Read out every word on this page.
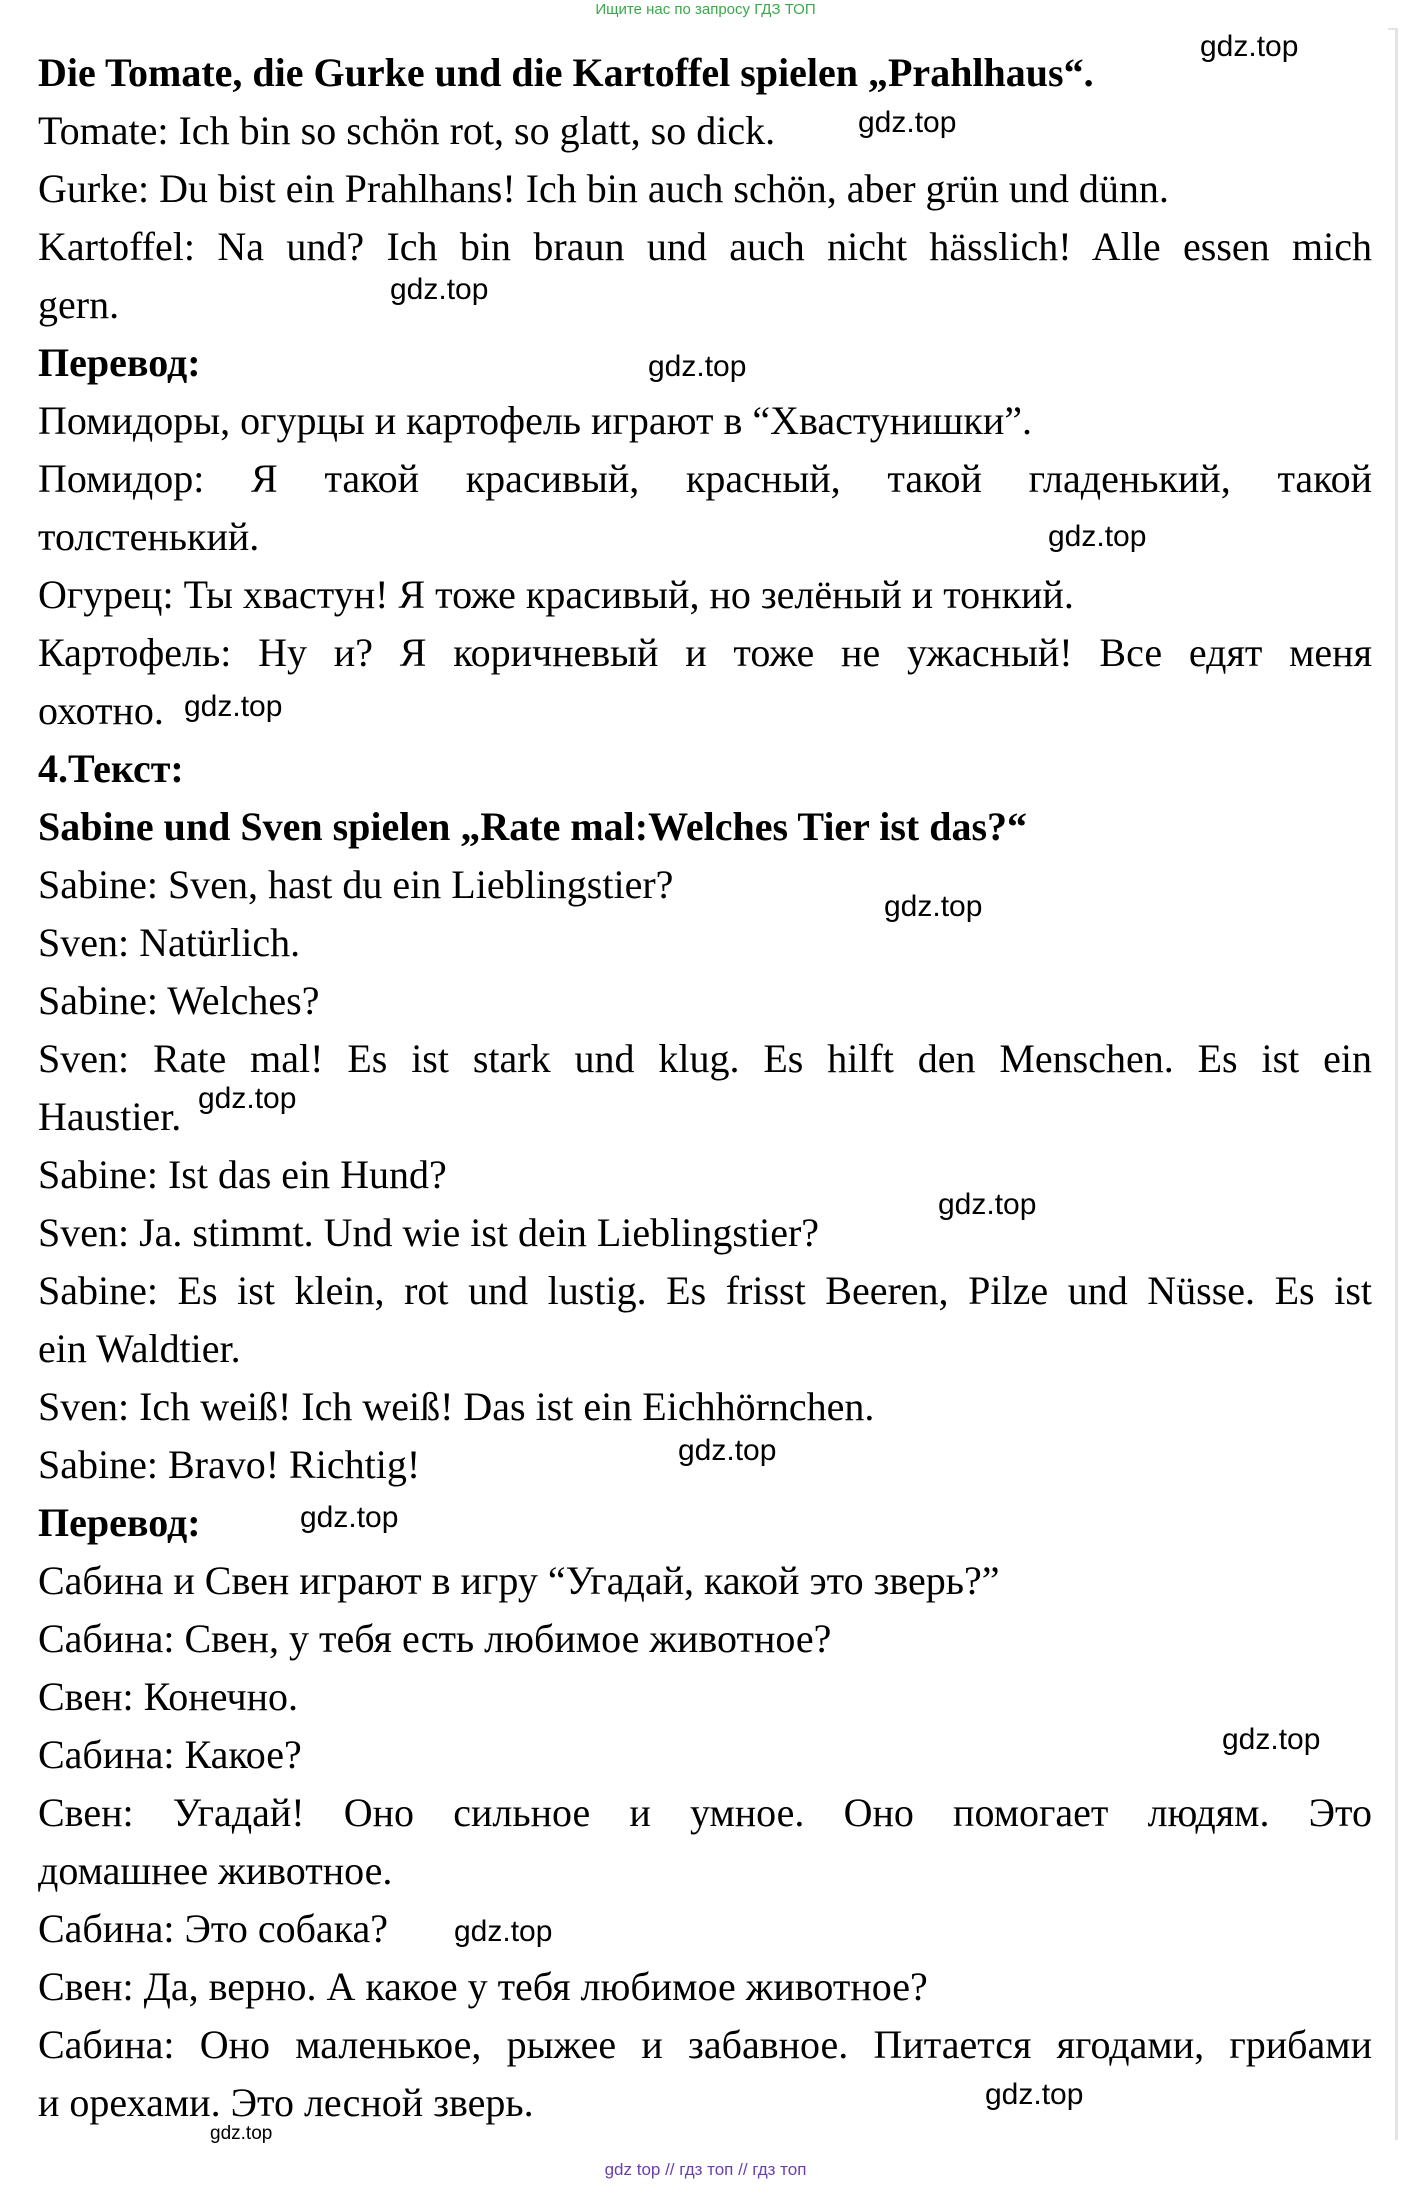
Ищите нас по запросу ГДЗ ТОП
Die Tomate, die Gurke und die Kartoffel spielen „Prahlhaus“.
Tomate: Ich bin so schön rot, so glatt, so dick.
Gurke: Du bist ein Prahlhans! Ich bin auch schön, aber grün und dünn.
Kartoffel: Na und? Ich bin braun und auch nicht hässlich! Alle essen mich
gern.
Перевод:
Помидоры, огурцы и картофель играют в “Хвастунишки”.
Помидор: Я такой красивый, красный, такой гладенький, такой
толстенький.
Огурец: Ты хвастун! Я тоже красивый, но зелёный и тонкий.
Картофель: Ну и? Я коричневый и тоже не ужасный! Все едят меня
охотно.
4.Текст:
Sabine und Sven spielen „Rate mal:Welches Tier ist das?“
Sabine: Sven, hast du ein Lieblingstier?
Sven: Natürlich.
Sabine: Welches?
Sven: Rate mal! Es ist stark und klug. Es hilft den Menschen. Es ist ein
Haustier.
Sabine: Ist das ein Hund?
Sven: Ja. stimmt. Und wie ist dein Lieblingstier?
Sabine: Es ist klein, rot und lustig. Es frisst Beeren, Pilze und Nüsse. Es ist
ein Waldtier.
Sven: Ich weiß! Ich weiß! Das ist ein Eichhörnchen.
Sabine: Bravo! Richtig!
Перевод:
Сабина и Свен играют в игру “Угадай, какой это зверь?”
Сабина: Свен, у тебя есть любимое животное?
Свен: Конечно.
Сабина: Какое?
Свен: Угадай! Оно сильное и умное. Оно помогает людям. Это
домашнее животное.
Сабина: Это собака?
Свен: Да, верно. А какое у тебя любимое животное?
Сабина: Оно маленькое, рыжее и забавное. Питается ягодами, грибами
и орехами. Это лесной зверь.
gdz.top
gdz.top
gdz.top
gdz.top
gdz.top
gdz.top
gdz.top
gdz.top
gdz.top
gdz.top
gdz.top
gdz.top
gdz.top
gdz.top
gdz.top
gdz top // гдз топ // гдз топ
